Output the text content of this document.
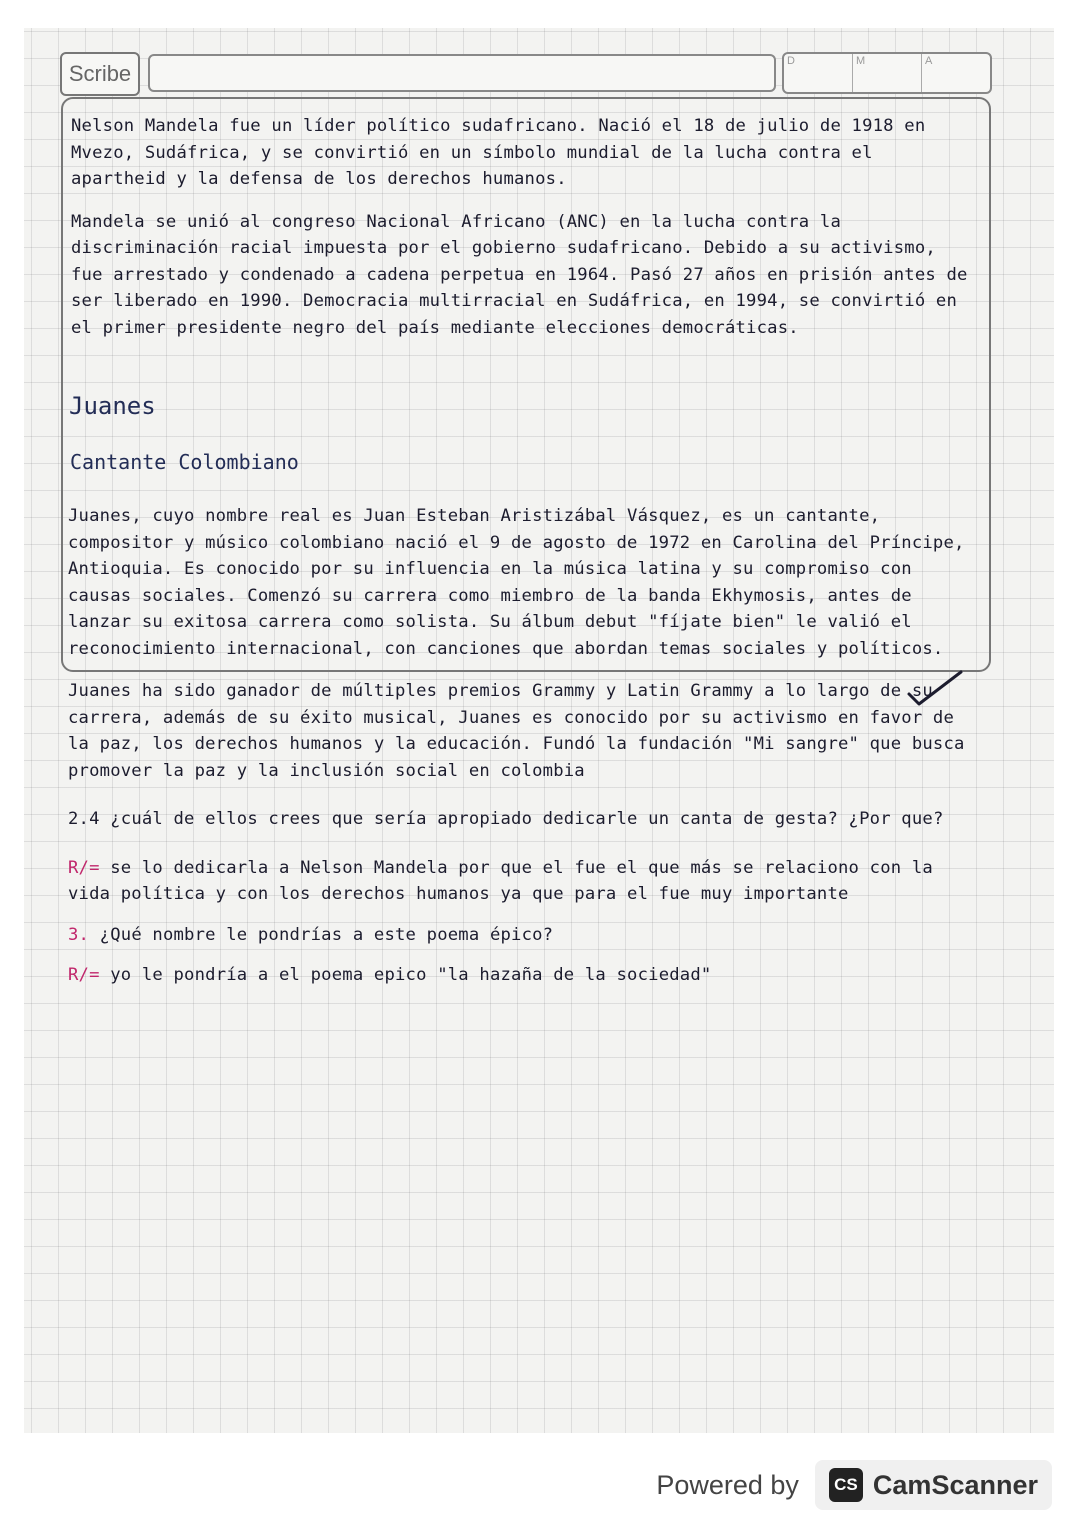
Scribe	D	M	A

Nelson Mandela fue un líder político sudafricano. Nació el 18 de julio de 1918 en Mvezo, Sudáfrica, y se convirtió en un símbolo mundial de la lucha contra el apartheid y la defensa de los derechos humanos.

Mandela se unió al congreso Nacional Africano (ANC) en la lucha contra la discriminación racial impuesta por el gobierno sudafricano. Debido a su activismo, fue arrestado y condenado a cadena perpetua en 1964. Pasó 27 años en prisión antes de ser liberado en 1990. Democracia multirracial en Sudáfrica, en 1994, se convirtió en el primer presidente negro del país mediante elecciones democráticas.

Juanes
Cantante Colombiano

Juanes, cuyo nombre real es Juan Esteban Aristizábal Vásquez, es un cantante, compositor y músico colombiano nació el 9 de agosto de 1972 en Carolina del Príncipe, Antioquia. Es conocido por su influencia en la música latina y su compromiso con causas sociales. Comenzó su carrera como miembro de la banda Ekhymosis, antes de lanzar su exitosa carrera como solista. Su álbum debut "fíjate bien" le valió el reconocimiento internacional, con canciones que abordan temas sociales y políticos.

Juanes ha sido ganador de múltiples premios Grammy y Latin Grammy a lo largo de su carrera, además de su éxito musical, Juanes es conocido por su activismo en favor de la paz, los derechos humanos y la educación. Fundó la fundación "Mi sangre" que busca promover la paz y la inclusión social en colombia

2.4 ¿cuál de ellos crees que sería apropiado dedicarle un canta de gesta? ¿Por que?
R/= se lo dedicarla a Nelson Mandela por que el fue el que más se relaciono con la vida política y con los derechos humanos ya que para el fue muy importante
3. ¿Qué nombre le pondrías a este poema épico?
R/= yo le pondría a el poema epico "la hazaña de la sociedad"
Powered by	CS CamScanner
